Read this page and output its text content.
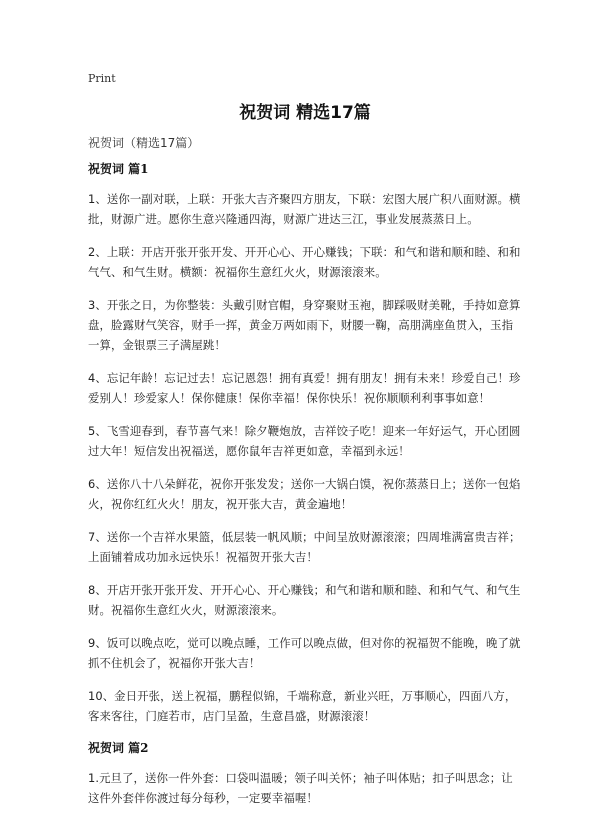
Print
祝贺词 精选17篇
祝贺词（精选17篇）
祝贺词 篇1

1、送你一副对联，上联：开张大吉齐聚四方朋友，下联：宏图大展广积八面财源。横批，财源广进。愿你生意兴隆通四海，财源广进达三江，事业发展蒸蒸日上。

2、上联：开店开张开张开发、开开心心、开心赚钱；下联：和气和谐和顺和睦、和和气气、和气生财。横额：祝福你生意红火火，财源滚滚来。

3、开张之日，为你整装：头戴引财官帽，身穿聚财玉袍，脚踩吸财美靴，手持如意算盘，脸露财气笑容，财手一挥，黄金万两如雨下，财腰一鞠，高朋满座鱼贯入，玉指一算，金银票三子满屋跳！

4、忘记年龄！忘记过去！忘记恩怨！拥有真爱！拥有朋友！拥有未来！珍爱自己！珍爱别人！珍爱家人！保你健康！保你幸福！保你快乐！祝你顺顺利利事事如意！

5、飞雪迎春到，春节喜气来！除夕鞭炮放，吉祥饺子吃！迎来一年好运气，开心团圆过大年！短信发出祝福送，愿你鼠年吉祥更如意，幸福到永远！

6、送你八十八朵鲜花，祝你开张发发；送你一大锅白馍，祝你蒸蒸日上；送你一包焰火，祝你红红火火！朋友，祝开张大吉，黄金遍地！

7、送你一个吉祥水果篮，低层装一帆风顺；中间呈放财源滚滚；四周堆满富贵吉祥；上面铺着成功加永远快乐！祝福贺开张大吉！

8、开店开张开张开发、开开心心、开心赚钱；和气和谐和顺和睦、和和气气、和气生财。祝福你生意红火火，财源滚滚来。

9、饭可以晚点吃，觉可以晚点睡，工作可以晚点做，但对你的祝福贺不能晚，晚了就抓不住机会了，祝福你开张大吉！

10、金日开张，送上祝福，鹏程似锦，千端称意，新业兴旺，万事顺心，四面八方，客来客往，门庭若市，店门呈盈，生意昌盛，财源滚滚！

祝贺词 篇2

1.元旦了，送你一件外套：口袋叫温暖；领子叫关怀；袖子叫体贴；扣子叫思念；让这件外套伴你渡过每分每秒，一定要幸福喔！
